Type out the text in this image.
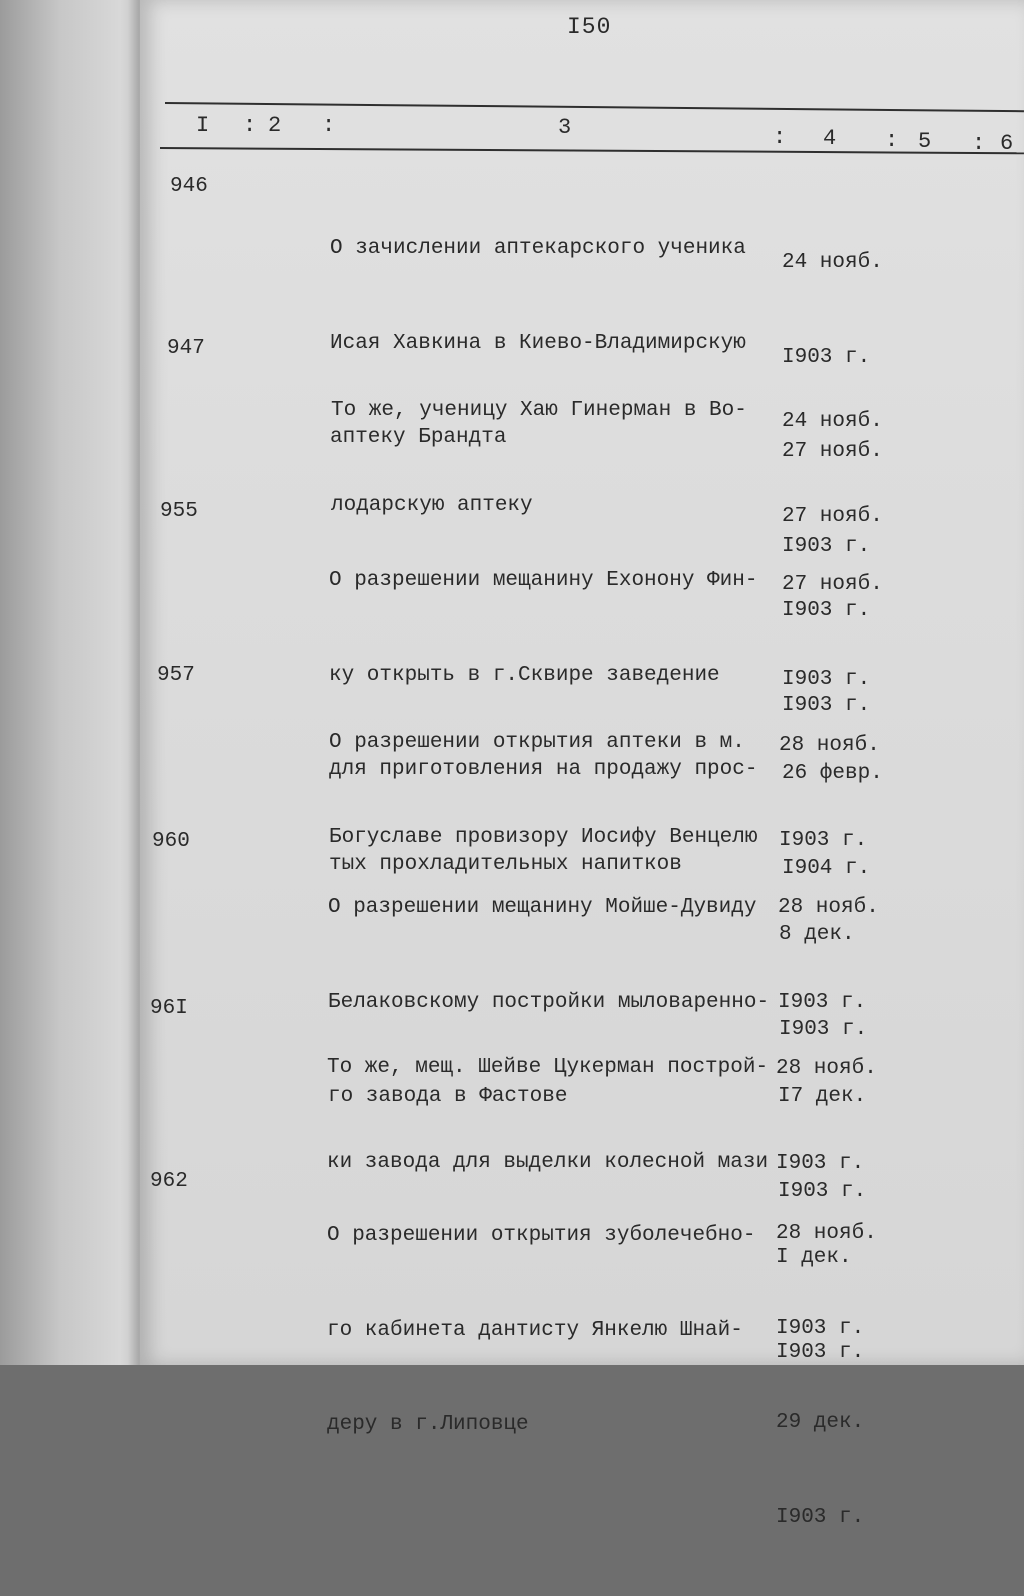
I50
I : 2 :	3	: 4 : 5 : 6
946

О зачислении аптекарского ученика

Исая Хавкина в Киево-Владимирскую

аптеку Брандта

24 нояб.

I903 г.

27 нояб.

I903 г.

947

То же, ученицу Хаю Гинерман в Во-

лодарскую аптеку

24 нояб.

27 нояб.

I903 г.

I903 г.

955

О разрешении мещанину Ехонону Фин-

ку открыть в г.Сквире заведение

для приготовления на продажу прос-

тых прохладительных напитков

27 нояб.

I903 г.

26 февр.

I904 г.

957

О разрешении открытия аптеки в м.

Богуславе провизору Иосифу Венцелю

28 нояб.

I903 г.

8 дек.

I903 г.

960

О разрешении мещанину Мойше-Дувиду

Белаковскому постройки мыловаренно-

го завода в Фастове

28 нояб.

I903 г.

I7 дек.

I903 г.

96I

То же, мещ. Шейве Цукерман построй-

ки завода для выделки колесной мази

28 нояб.

I903 г.

I дек.

I903 г.

962

О разрешении открытия зуболечебно-

го кабинета дантисту Янкелю Шнай-

деру в г.Липовце

28 нояб.

I903 г.

29 дек.

I903 г.
